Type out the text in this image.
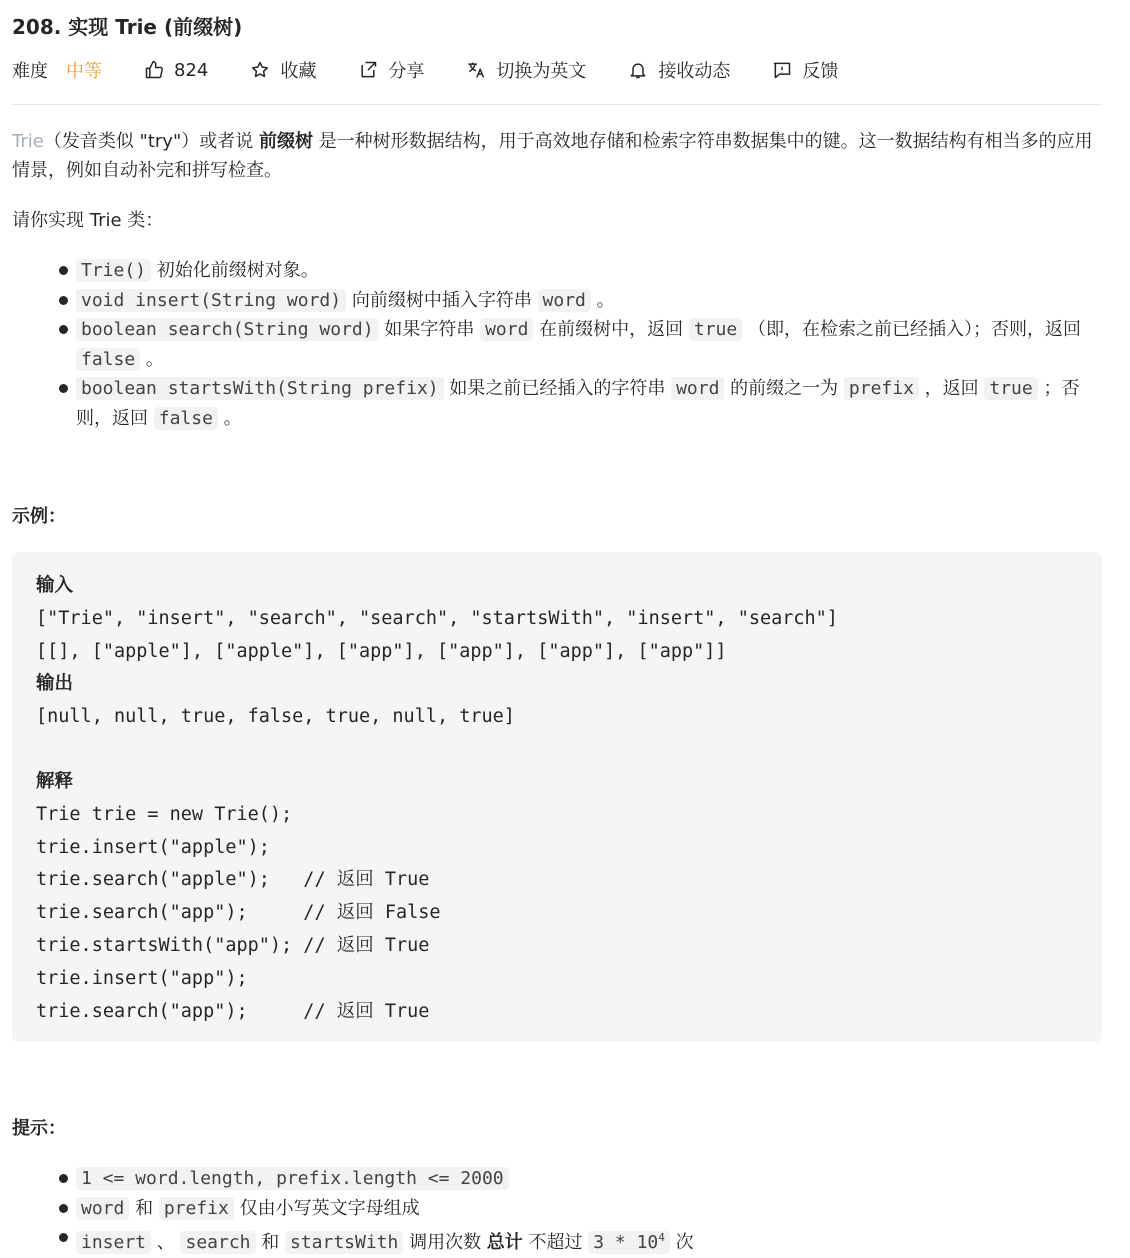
208. 实现 Trie (前缀树)
难度 中等	824	收藏	分享	切换为英文	接收动态	反馈
Trie（发音类似 "try"）或者说 前缀树 是一种树形数据结构，用于高效地存储和检索字符串数据集中的键。这一数据结构有相当多的应用情景，例如自动补完和拼写检查。
请你实现 Trie 类：
Trie() 初始化前缀树对象。
void insert(String word) 向前缀树中插入字符串 word 。
boolean search(String word) 如果字符串 word 在前缀树中，返回 true （即，在检索之前已经插入）；否则，返回 false 。
boolean startsWith(String prefix) 如果之前已经插入的字符串 word 的前缀之一为 prefix ，返回 true ；否则，返回 false 。
示例：
输入
["Trie", "insert", "search", "search", "startsWith", "insert", "search"]
[[], ["apple"], ["apple"], ["app"], ["app"], ["app"], ["app"]]
输出
[null, null, true, false, true, null, true]
解释
Trie trie = new Trie();
trie.insert("apple");
trie.search("apple");   // 返回 True
trie.search("app");     // 返回 False
trie.startsWith("app"); // 返回 True
trie.insert("app");
trie.search("app");     // 返回 True
提示：
1 <= word.length, prefix.length <= 2000
word 和 prefix 仅由小写英文字母组成
insert 、 search 和 startsWith 调用次数 总计 不超过 $3 * 10^4$ 次
